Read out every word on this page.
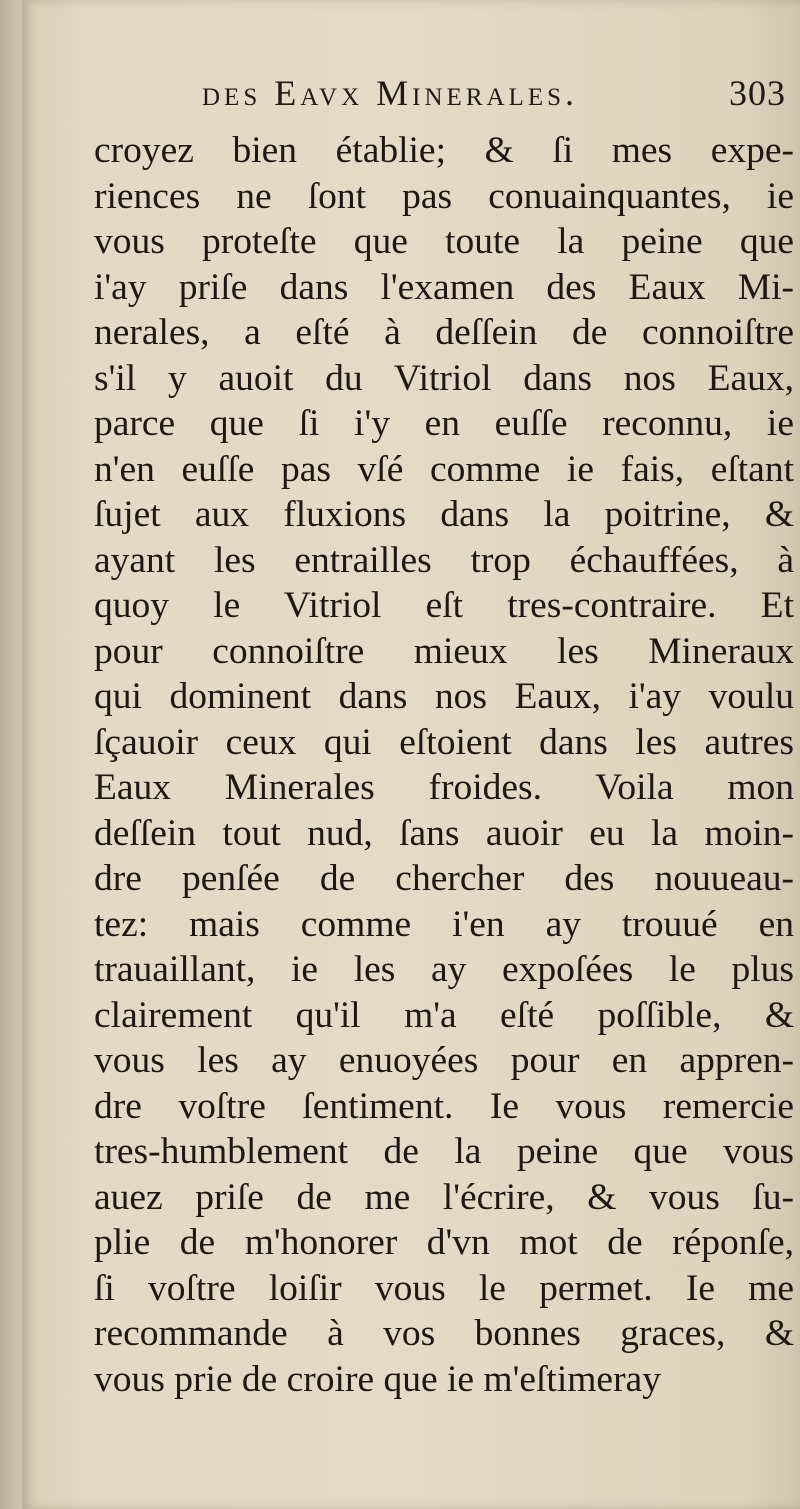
des Eavx Minerales.	303
croyez bien établie; & ſi mes expe-
riences ne ſont pas conuainquantes, ie
vous proteſte que toute la peine que
i'ay priſe dans l'examen des Eaux Mi-
nerales, a eſté à deſſein de connoiſtre
s'il y auoit du Vitriol dans nos Eaux,
parce que ſi i'y en euſſe reconnu, ie
n'en euſſe pas vſé comme ie fais, eſtant
ſujet aux fluxions dans la poitrine, &
ayant les entrailles trop échauffées, à
quoy le Vitriol eſt tres-contraire. Et
pour connoiſtre mieux les Mineraux
qui dominent dans nos Eaux, i'ay voulu
ſçauoir ceux qui eſtoient dans les autres
Eaux Minerales froides. Voila mon
deſſein tout nud, ſans auoir eu la moin-
dre penſée de chercher des nouueau-
tez: mais comme i'en ay trouué en
trauaillant, ie les ay expoſées le plus
clairement qu'il m'a eſté poſſible, &
vous les ay enuoyées pour en appren-
dre voſtre ſentiment. Ie vous remercie
tres-humblement de la peine que vous
auez priſe de me l'écrire, & vous ſu-
plie de m'honorer d'vn mot de réponſe,
ſi voſtre loiſir vous le permet. Ie me
recommande à vos bonnes graces, &
vous prie de croire que ie m'eſtimeray
